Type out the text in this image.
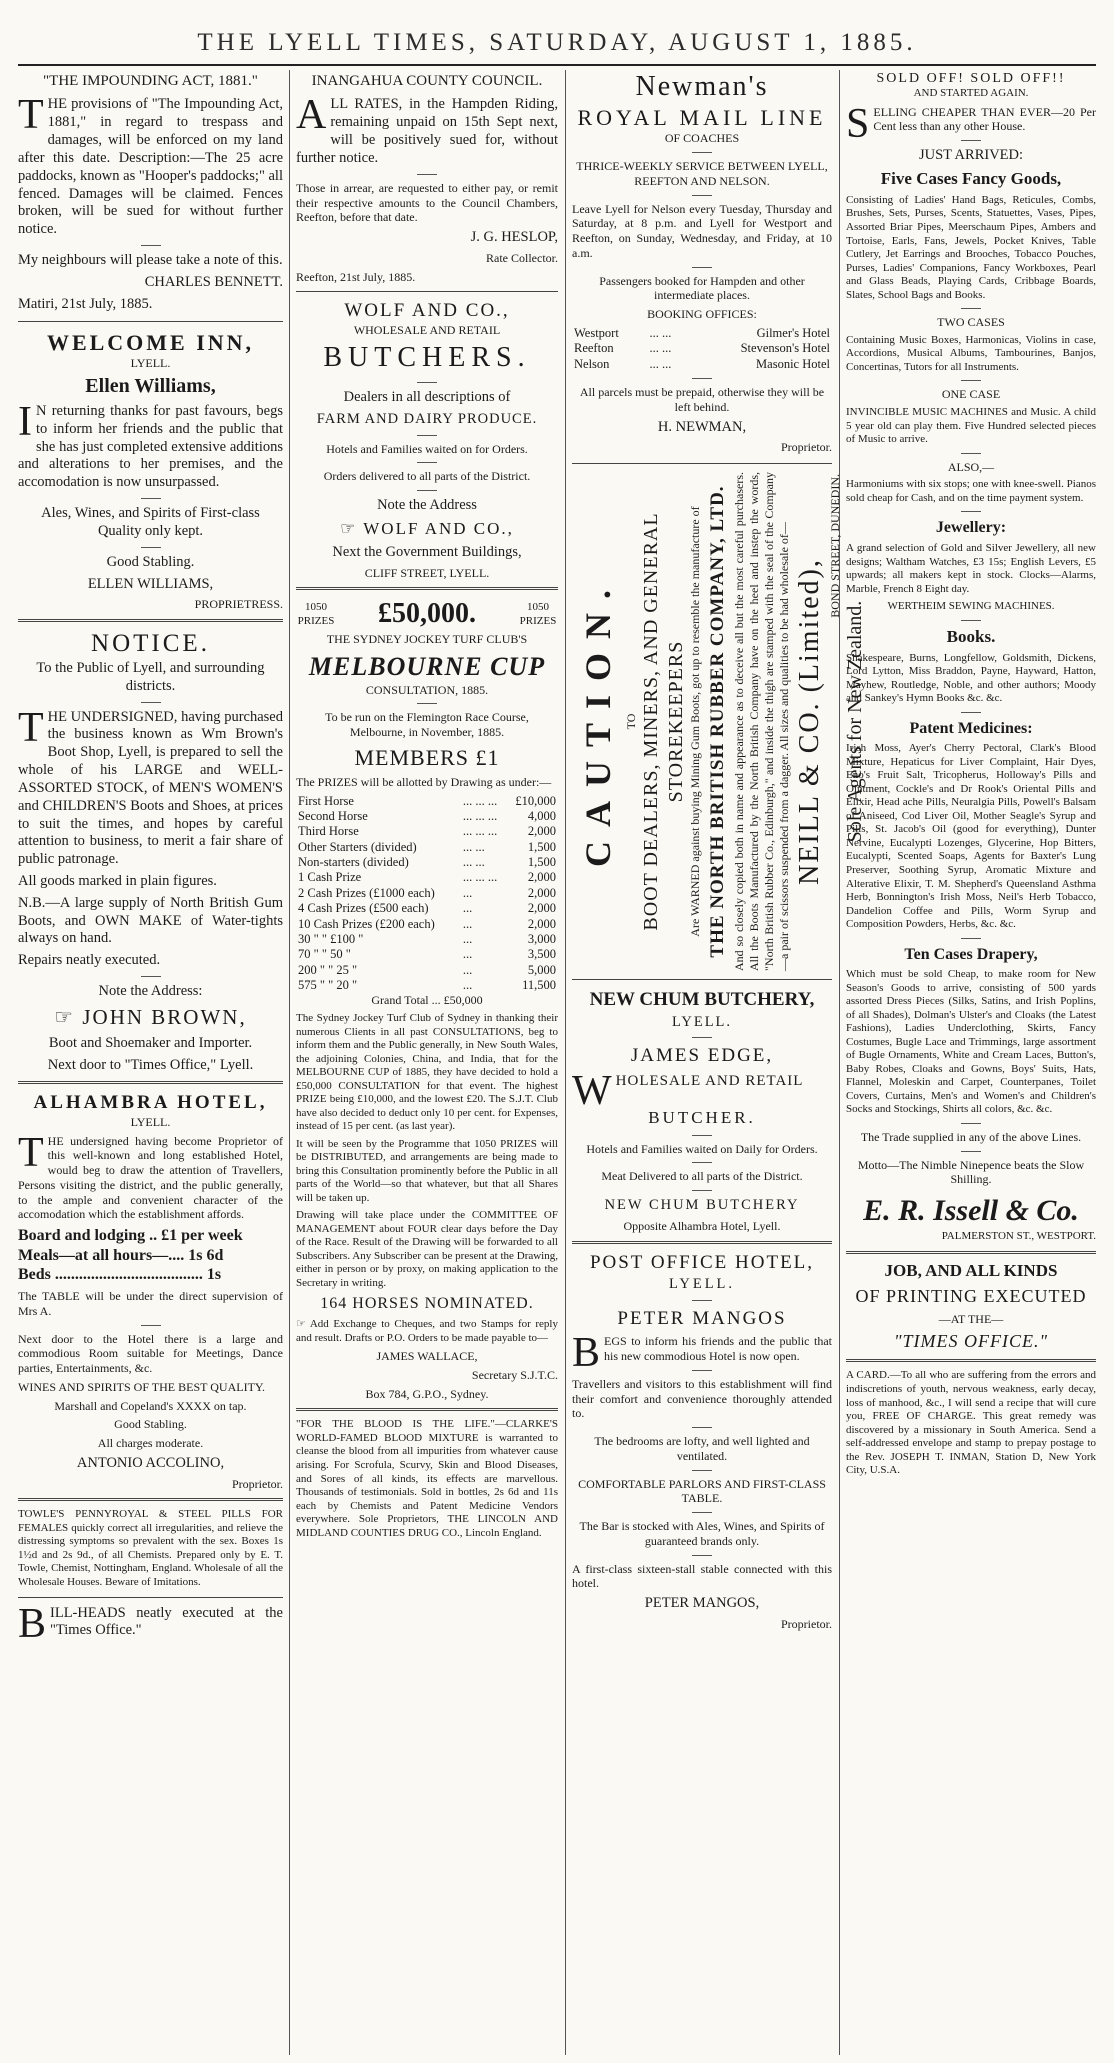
THE LYELL TIMES, SATURDAY, AUGUST 1, 1885.
"THE IMPOUNDING ACT, 1881."

THE provisions of "The Impounding Act, 1881," in regard to trespass and damages, will be enforced on my land after this date. Description:—The 25 acre paddocks, known as "Hooper's paddocks;" all fenced. Damages will be claimed. Fences broken, will be sued for without further notice.

My neighbours will please take a note of this.

CHARLES BENNETT.

Matiri, 21st July, 1885.

WELCOME INN,

LYELL.

Ellen Williams,

I N returning thanks for past favours, begs to inform her friends and the public that she has just completed extensive additions and alterations to her premises, and the accomodation is now unsurpassed.

Ales, Wines, and Spirits of First-class Quality only kept.

Good Stabling.

ELLEN WILLIAMS,

PROPRIETRESS.

NOTICE.

To the Public of Lyell, and surrounding districts.

THE UNDERSIGNED, having purchased the business known as Wm Brown's Boot Shop, Lyell, is prepared to sell the whole of his LARGE and WELL-ASSORTED STOCK, of MEN'S WOMEN'S and CHILDREN'S Boots and Shoes, at prices to suit the times, and hopes by careful attention to business, to merit a fair share of public patronage.

All goods marked in plain figures.

N.B.—A large supply of North British Gum Boots, and OWN MAKE of Water-tights always on hand.

Repairs neatly executed.

Note the Address:

☞ JOHN BROWN,

Boot and Shoemaker and Importer.

Next door to "Times Office," Lyell.

ALHAMBRA HOTEL,

LYELL.

THE undersigned having become Proprietor of this well-known and long established Hotel, would beg to draw the attention of Travellers, Persons visiting the district, and the public generally, to the ample and convenient character of the accomodation which the establishment affords.

Board and lodging .. £1 per week

Meals—at all hours—.... 1s 6d

Beds ..................................... 1s

The TABLE will be under the direct supervision of Mrs A.

Next door to the Hotel there is a large and commodious Room suitable for Meetings, Dance parties, Entertainments, &c.

WINES AND SPIRITS OF THE BEST QUALITY.

Marshall and Copeland's XXXX on tap.

Good Stabling.

All charges moderate.

ANTONIO ACCOLINO,

Proprietor.

TOWLE'S PENNYROYAL & STEEL PILLS FOR FEMALES quickly correct all irregularities, and relieve the distressing symptoms so prevalent with the sex. Boxes 1s 1½d and 2s 9d., of all Chemists. Prepared only by E. T. Towle, Chemist, Nottingham, England. Wholesale of all the Wholesale Houses. Beware of Imitations.

BILL-HEADS neatly executed at the "Times Office."

INANGAHUA COUNTY COUNCIL.

ALL RATES, in the Hampden Riding, remaining unpaid on 15th Sept next, will be positively sued for, without further notice.

Those in arrear, are requested to either pay, or remit their respective amounts to the Council Chambers, Reefton, before that date.

J. G. HESLOP,

Rate Collector.

Reefton, 21st July, 1885.

WOLF AND CO.,

WHOLESALE AND RETAIL

BUTCHERS.

Dealers in all descriptions of

FARM AND DAIRY PRODUCE.

Hotels and Families waited on for Orders.

Orders delivered to all parts of the District.

Note the Address

☞ WOLF AND CO.,

Next the Government Buildings,

CLIFF STREET, LYELL.

1050 PRIZES £50,000.	1050 PRIZES

THE SYDNEY JOCKEY TURF CLUB'S

MELBOURNE CUP

CONSULTATION, 1885.

To be run on the Flemington Race Course, Melbourne, in November, 1885.

MEMBERS £1

The PRIZES will be allotted by Drawing as under:—

First Horse	... ... ...	£10,000
Second Horse	... ... ...	4,000
Third Horse	... ... ...	2,000
Other Starters (divided)	... ...	1,500
Non-starters (divided)	... ...	1,500
1 Cash Prize	... ... ...	2,000
2 Cash Prizes (£1000 each)	...	2,000
4 Cash Prizes (£500 each)	...	2,000
10 Cash Prizes (£200 each)	...	2,000
30 " " £100 "	...	3,000
70 " " 50 "	...	3,500
200 " " 25 "	...	5,000
575 " " 20 "	...	11,500

Grand Total ... £50,000

The Sydney Jockey Turf Club of Sydney in thanking their numerous Clients in all past CONSULTATIONS, beg to inform them and the Public generally, in New South Wales, the adjoining Colonies, China, and India, that for the MELBOURNE CUP of 1885, they have decided to hold a £50,000 CONSULTATION for that event. The highest PRIZE being £10,000, and the lowest £20. The S.J.T. Club have also decided to deduct only 10 per cent. for Expenses, instead of 15 per cent. (as last year).

It will be seen by the Programme that 1050 PRIZES will be DISTRIBUTED, and arrangements are being made to bring this Consultation prominently before the Public in all parts of the World—so that whatever, but that all Shares will be taken up.

Drawing will take place under the COMMITTEE OF MANAGEMENT about FOUR clear days before the Day of the Race. Result of the Drawing will be forwarded to all Subscribers. Any Subscriber can be present at the Drawing, either in person or by proxy, on making application to the Secretary in writing.

164 HORSES NOMINATED.

☞ Add Exchange to Cheques, and two Stamps for reply and result. Drafts or P.O. Orders to be made payable to—

JAMES WALLACE,

Secretary S.J.T.C.

Box 784, G.P.O., Sydney.

"FOR THE BLOOD IS THE LIFE."—CLARKE'S WORLD-FAMED BLOOD MIXTURE is warranted to cleanse the blood from all impurities from whatever cause arising. For Scrofula, Scurvy, Skin and Blood Diseases, and Sores of all kinds, its effects are marvellous. Thousands of testimonials. Sold in bottles, 2s 6d and 11s each by Chemists and Patent Medicine Vendors everywhere. Sole Proprietors, THE LINCOLN AND MIDLAND COUNTIES DRUG CO., Lincoln England.

Newman's
ROYAL MAIL LINE

OF COACHES

THRICE-WEEKLY SERVICE BETWEEN LYELL, REEFTON AND NELSON.

Leave Lyell for Nelson every Tuesday, Thursday and Saturday, at 8 p.m. and Lyell for Westport and Reefton, on Sunday, Wednesday, and Friday, at 10 a.m.

Passengers booked for Hampden and other intermediate places.

BOOKING OFFICES:

Westport	... ...	Gilmer's Hotel
Reefton	... ...	Stevenson's Hotel
Nelson	... ...	Masonic Hotel

All parcels must be prepaid, otherwise they will be left behind.

H. NEWMAN,

Proprietor.

CAUTION. TO BOOT DEALERS, MINERS, AND GENERAL STOREKEEPERS Are WARNED against buying Mining Gum Boots, got up to resemble the manufacture of THE NORTH BRITISH RUBBER COMPANY, LTD. And so closely copied both in name and appearance as to deceive all but the most careful purchasers. All the Boots Manufactured by the North British Company have on the heel and instep the words, "North British Rubber Co., Edinburgh," and inside the thigh are stamped with the seal of the Company—a pair of scissors suspended from a dagger. All sizes and qualities to be had wholesale of— NEILL & CO. (Limited),
BOND STREET, DUNEDIN.
Sole Agents for New Zealand.
NEW CHUM BUTCHERY,

LYELL.

JAMES EDGE,

WHOLESALE AND RETAIL

BUTCHER.

Hotels and Families waited on Daily for Orders.

Meat Delivered to all parts of the District.

NEW CHUM BUTCHERY

Opposite Alhambra Hotel, Lyell.

POST OFFICE HOTEL,

LYELL.

PETER MANGOS

BEGS to inform his friends and the public that his new commodious Hotel is now open.

Travellers and visitors to this establishment will find their comfort and convenience thoroughly attended to.

The bedrooms are lofty, and well lighted and ventilated.

COMFORTABLE PARLORS AND FIRST-CLASS TABLE.

The Bar is stocked with Ales, Wines, and Spirits of guaranteed brands only.

A first-class sixteen-stall stable connected with this hotel.

PETER MANGOS,

Proprietor.

SOLD OFF! SOLD OFF!!

AND STARTED AGAIN.

SELLING CHEAPER THAN EVER—20 Per Cent less than any other House.

JUST ARRIVED:

Five Cases Fancy Goods,

Consisting of Ladies' Hand Bags, Reticules, Combs, Brushes, Sets, Purses, Scents, Statuettes, Vases, Pipes, Assorted Briar Pipes, Meerschaum Pipes, Ambers and Tortoise, Earls, Fans, Jewels, Pocket Knives, Table Cutlery, Jet Earrings and Brooches, Tobacco Pouches, Purses, Ladies' Companions, Fancy Workboxes, Pearl and Glass Beads, Playing Cards, Cribbage Boards, Slates, School Bags and Books.

TWO CASES

Containing Music Boxes, Harmonicas, Violins in case, Accordions, Musical Albums, Tambourines, Banjos, Concertinas, Tutors for all Instruments.

ONE CASE

INVINCIBLE MUSIC MACHINES and Music. A child 5 year old can play them. Five Hundred selected pieces of Music to arrive.

ALSO,—

Harmoniums with six stops; one with knee-swell. Pianos sold cheap for Cash, and on the time payment system.

Jewellery:

A grand selection of Gold and Silver Jewellery, all new designs; Waltham Watches, £3 15s; English Levers, £5 upwards; all makers kept in stock. Clocks—Alarms, Marble, French 8 Eight day.

WERTHEIM SEWING MACHINES.

Books.

Shakespeare, Burns, Longfellow, Goldsmith, Dickens, Lord Lytton, Miss Braddon, Payne, Hayward, Hatton, Mayhew, Routledge, Noble, and other authors; Moody and Sankey's Hymn Books &c. &c.

Patent Medicines:

Irish Moss, Ayer's Cherry Pectoral, Clark's Blood Mixture, Hepaticus for Liver Complaint, Hair Dyes, Eno's Fruit Salt, Tricopherus, Holloway's Pills and Ointment, Cockle's and Dr Rook's Oriental Pills and Elixir, Head ache Pills, Neuralgia Pills, Powell's Balsam of Aniseed, Cod Liver Oil, Mother Seagle's Syrup and Pills, St. Jacob's Oil (good for everything), Dunter Nervine, Eucalypti Lozenges, Glycerine, Hop Bitters, Eucalypti, Scented Soaps, Agents for Baxter's Lung Preserver, Soothing Syrup, Aromatic Mixture and Alterative Elixir, T. M. Shepherd's Queensland Asthma Herb, Bonnington's Irish Moss, Neil's Herb Tobacco, Dandelion Coffee and Pills, Worm Syrup and Composition Powders, Herbs, &c. &c.

Ten Cases Drapery,

Which must be sold Cheap, to make room for New Season's Goods to arrive, consisting of 500 yards assorted Dress Pieces (Silks, Satins, and Irish Poplins, of all Shades), Dolman's Ulster's and Cloaks (the Latest Fashions), Ladies Underclothing, Skirts, Fancy Costumes, Bugle Lace and Trimmings, large assortment of Bugle Ornaments, White and Cream Laces, Button's, Baby Robes, Cloaks and Gowns, Boys' Suits, Hats, Flannel, Moleskin and Carpet, Counterpanes, Toilet Covers, Curtains, Men's and Women's and Children's Socks and Stockings, Shirts all colors, &c. &c.

The Trade supplied in any of the above Lines.

Motto—The Nimble Ninepence beats the Slow Shilling.

E. R. Issell & Co.

PALMERSTON ST., WESTPORT.

JOB, AND ALL KINDS

OF PRINTING EXECUTED

—AT THE—

"TIMES OFFICE."

A CARD.—To all who are suffering from the errors and indiscretions of youth, nervous weakness, early decay, loss of manhood, &c., I will send a recipe that will cure you, FREE OF CHARGE. This great remedy was discovered by a missionary in South America. Send a self-addressed envelope and stamp to prepay postage to the Rev. JOSEPH T. INMAN, Station D, New York City, U.S.A.
